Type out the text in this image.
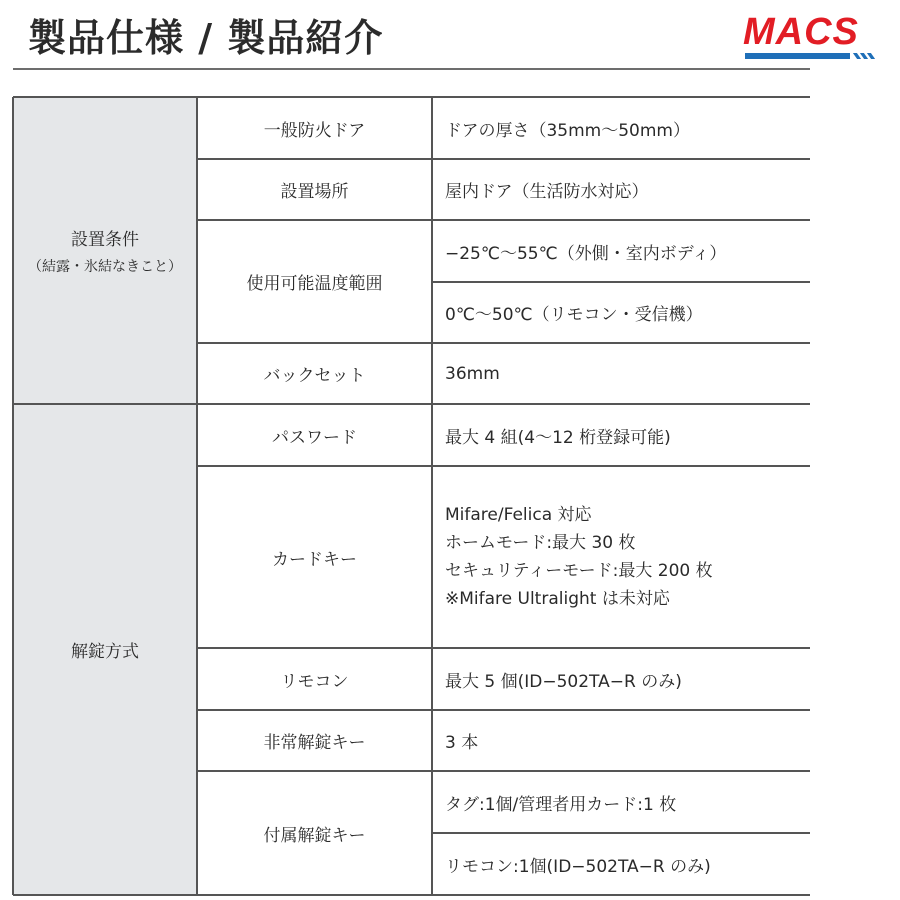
製品仕様 / 製品紹介	MACS
設置条件
（結露・氷結なきこと）
解錠方式
一般防火ドア
設置場所
使用可能温度範囲
バックセット
パスワード
カードキー
リモコン
非常解錠キー
付属解錠キー
ドアの厚さ（35mm〜50mm）
屋内ドア（生活防水対応）
−25℃〜55℃（外側・室内ボディ）
0℃〜50℃（リモコン・受信機）
36mm
最大 4 組(4〜12 桁登録可能)
Mifare/Felica 対応
ホームモード:最大 30 枚
セキュリティーモード:最大 200 枚
※Mifare Ultralight は未対応
最大 5 個(ID−502TA−R のみ)
3 本
タグ:1個/管理者用カード:1 枚
リモコン:1個(ID−502TA−R のみ)
